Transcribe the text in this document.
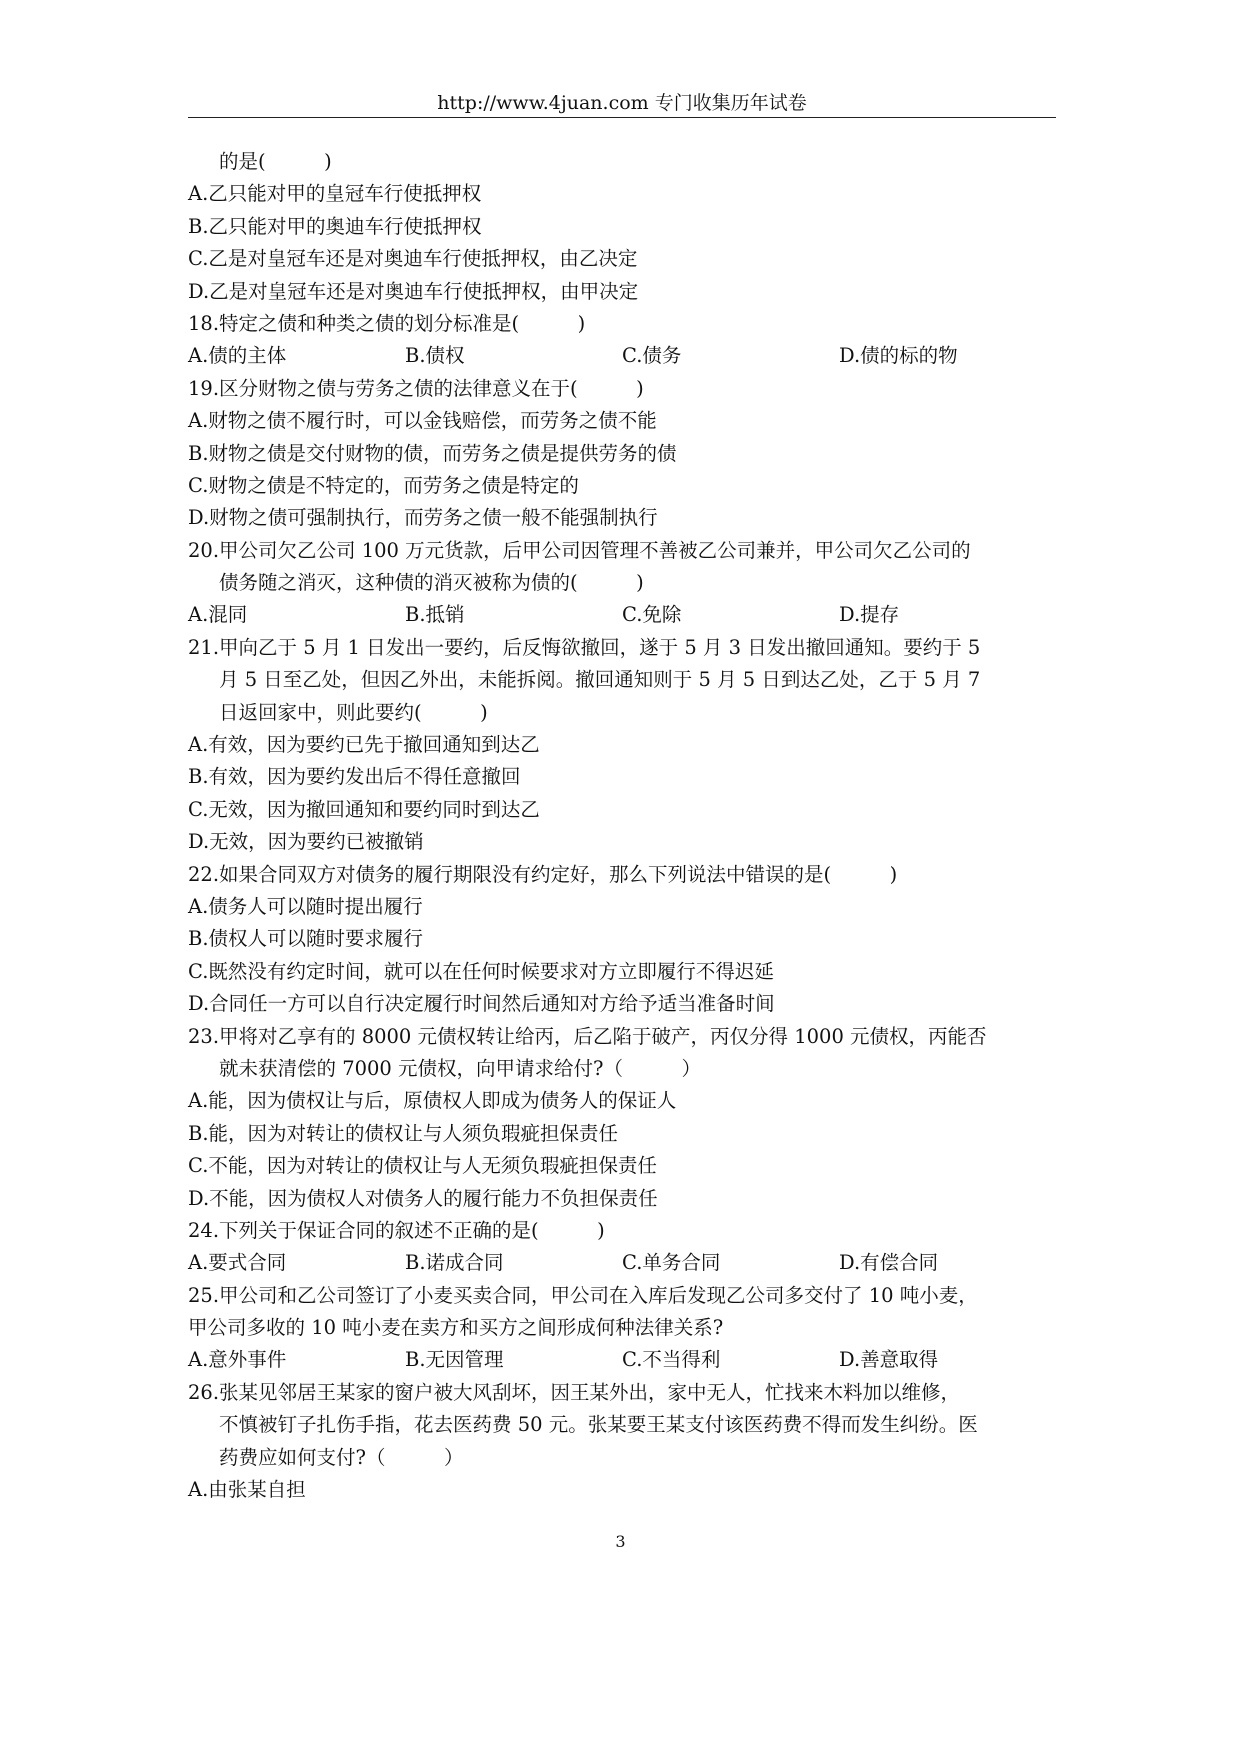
http://www.4juan.com 专门收集历年试卷
的是(　　　)
A.乙只能对甲的皇冠车行使抵押权
B.乙只能对甲的奥迪车行使抵押权
C.乙是对皇冠车还是对奥迪车行使抵押权，由乙决定
D.乙是对皇冠车还是对奥迪车行使抵押权，由甲决定
18.特定之债和种类之债的划分标准是(　　　)
A.债的主体	B.债权	C.债务	D.债的标的物
19.区分财物之债与劳务之债的法律意义在于(　　　)
A.财物之债不履行时，可以金钱赔偿，而劳务之债不能
B.财物之债是交付财物的债，而劳务之债是提供劳务的债
C.财物之债是不特定的，而劳务之债是特定的
D.财物之债可强制执行，而劳务之债一般不能强制执行
20.甲公司欠乙公司 100 万元货款，后甲公司因管理不善被乙公司兼并，甲公司欠乙公司的
债务随之消灭，这种债的消灭被称为债的(　　　)
A.混同	B.抵销	C.免除	D.提存
21.甲向乙于 5 月 1 日发出一要约，后反悔欲撤回，遂于 5 月 3 日发出撤回通知。要约于 5
月 5 日至乙处，但因乙外出，未能拆阅。撤回通知则于 5 月 5 日到达乙处，乙于 5 月 7
日返回家中，则此要约(　　　)
A.有效，因为要约已先于撤回通知到达乙
B.有效，因为要约发出后不得任意撤回
C.无效，因为撤回通知和要约同时到达乙
D.无效，因为要约已被撤销
22.如果合同双方对债务的履行期限没有约定好，那么下列说法中错误的是(　　　)
A.债务人可以随时提出履行
B.债权人可以随时要求履行
C.既然没有约定时间，就可以在任何时候要求对方立即履行不得迟延
D.合同任一方可以自行决定履行时间然后通知对方给予适当准备时间
23.甲将对乙享有的 8000 元债权转让给丙，后乙陷于破产，丙仅分得 1000 元债权，丙能否
就未获清偿的 7000 元债权，向甲请求给付?（　　　）
A.能，因为债权让与后，原债权人即成为债务人的保证人
B.能，因为对转让的债权让与人须负瑕疵担保责任
C.不能，因为对转让的债权让与人无须负瑕疵担保责任
D.不能，因为债权人对债务人的履行能力不负担保责任
24.下列关于保证合同的叙述不正确的是(　　　)
A.要式合同	B.诺成合同	C.单务合同	D.有偿合同
25.甲公司和乙公司签订了小麦买卖合同，甲公司在入库后发现乙公司多交付了 10 吨小麦，
甲公司多收的 10 吨小麦在卖方和买方之间形成何种法律关系?
A.意外事件	B.无因管理	C.不当得利	D.善意取得
26.张某见邻居王某家的窗户被大风刮坏，因王某外出，家中无人，忙找来木料加以维修，
不慎被钉子扎伤手指，花去医药费 50 元。张某要王某支付该医药费不得而发生纠纷。医
药费应如何支付?（　　　）
A.由张某自担
3
